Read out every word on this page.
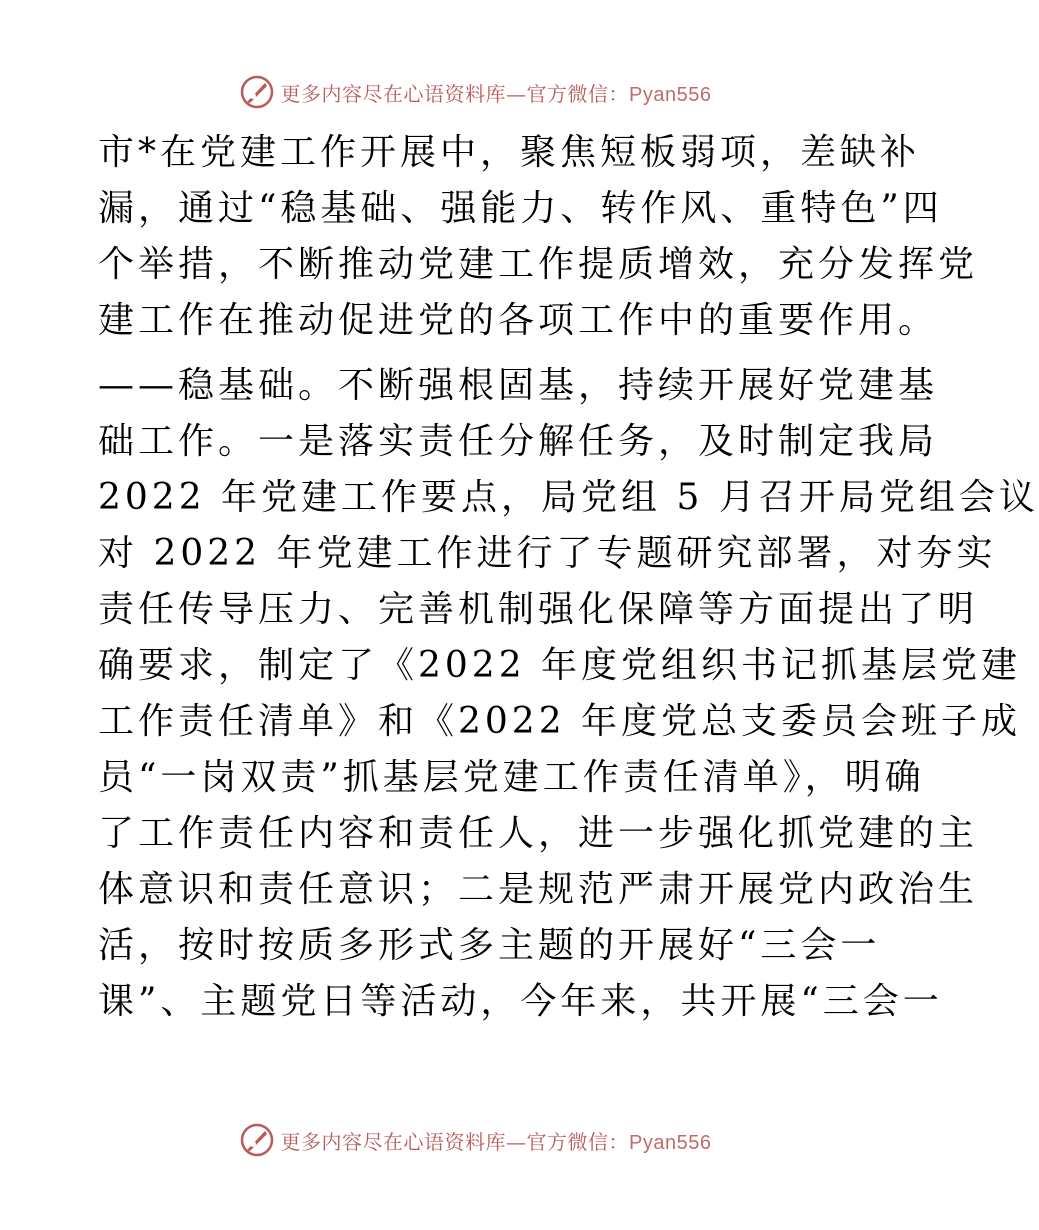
更多内容尽在心语资料库—官方微信：Pyan556
市*在党建工作开展中，聚焦短板弱项，差缺补
漏，通过“稳基础、强能力、转作风、重特色”四
个举措，不断推动党建工作提质增效，充分发挥党
建工作在推动促进党的各项工作中的重要作用。
——稳基础。不断强根固基，持续开展好党建基
础工作。一是落实责任分解任务，及时制定我局
2022 年党建工作要点，局党组 5 月召开局党组会议
对 2022 年党建工作进行了专题研究部署，对夯实
责任传导压力、完善机制强化保障等方面提出了明
确要求，制定了《2022 年度党组织书记抓基层党建
工作责任清单》和《2022 年度党总支委员会班子成
员“一岗双责”抓基层党建工作责任清单》，明确
了工作责任内容和责任人，进一步强化抓党建的主
体意识和责任意识；二是规范严肃开展党内政治生
活，按时按质多形式多主题的开展好“三会一
课”、主题党日等活动，今年来，共开展“三会一
更多内容尽在心语资料库—官方微信：Pyan556
